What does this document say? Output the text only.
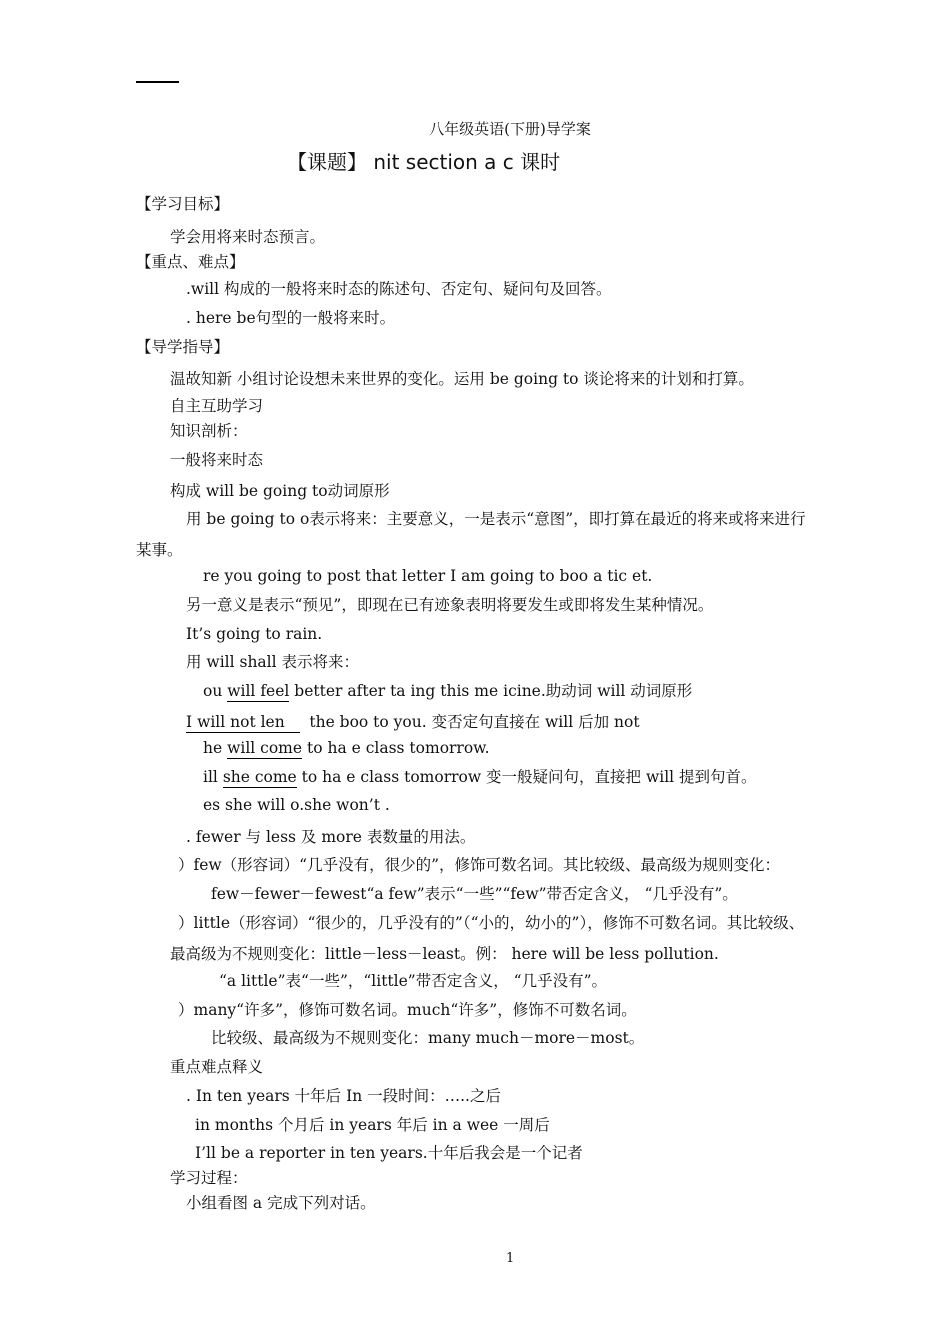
八年级英语(下册)导学案
【课题】 nit section a c 课时
【学习目标】
学会用将来时态预言。
【重点、难点】
.will 构成的一般将来时态的陈述句、否定句、疑问句及回答。
. here be句型的一般将来时。
【导学指导】
温故知新 小组讨论设想未来世界的变化。运用 be going to 谈论将来的计划和打算。
自主互助学习
知识剖析：
一般将来时态
构成 will be going to动词原形
用 be going to o表示将来：主要意义，一是表示“意图”，即打算在最近的将来或将来进行
某事。
re you going to post that letter I am going to boo a tic et.
另一意义是表示“预见”，即现在已有迹象表明将要发生或即将发生某种情况。
It’s going to rain.
用 will shall 表示将来：
ou will feel better after ta ing this me icine.助动词 will 动词原形
I will not len the boo to you. 变否定句直接在 will 后加 not
he will come to ha e class tomorrow.
ill she come to ha e class tomorrow 变一般疑问句，直接把 will 提到句首。
es she will o.she won’t .
. fewer 与 less 及 more 表数量的用法。
）few（形容词）“几乎没有，很少的”，修饰可数名词。其比较级、最高级为规则变化：
few－fewer－fewest“a few”表示“一些”“few”带否定含义， “几乎没有”。
）little（形容词）“很少的，几乎没有的”（“小的，幼小的”），修饰不可数名词。其比较级、
最高级为不规则变化：little－less－least。例： here will be less pollution.
“a little”表“一些”，“little”带否定含义， “几乎没有”。
）many“许多”，修饰可数名词。much“许多”，修饰不可数名词。
比较级、最高级为不规则变化：many much－more－most。
重点难点释义
. In ten years 十年后 In 一段时间：…..之后
in months 个月后 in years 年后 in a wee 一周后
I’ll be a reporter in ten years.十年后我会是一个记者
学习过程：
小组看图 a 完成下列对话。
1
